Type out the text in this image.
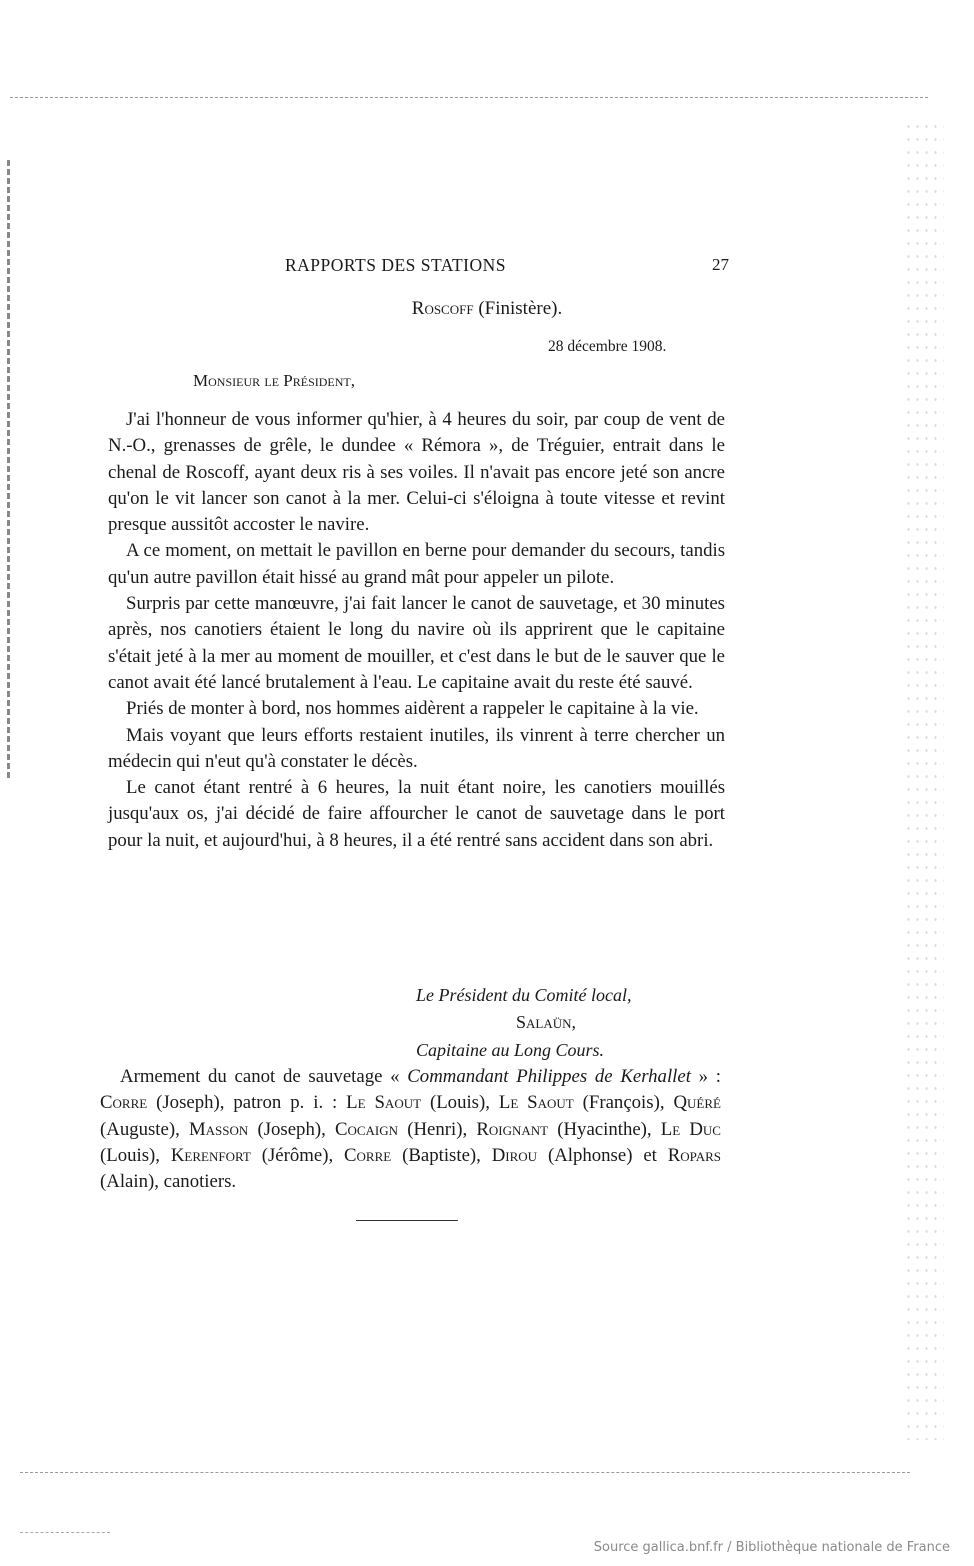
RAPPORTS DES STATIONS	27
Roscoff (Finistère).
28 décembre 1908.
Monsieur le Président,

J'ai l'honneur de vous informer qu'hier, à 4 heures du soir, par coup de vent de N.-O., grenasses de grêle, le dundee « Rémora », de Tréguier, entrait dans le chenal de Roscoff, ayant deux ris à ses voiles. Il n'avait pas encore jeté son ancre qu'on le vit lancer son canot à la mer. Celui-ci s'éloigna à toute vitesse et revint presque aussitôt accoster le navire.

A ce moment, on mettait le pavillon en berne pour demander du secours, tandis qu'un autre pavillon était hissé au grand mât pour appeler un pilote.

Surpris par cette manœuvre, j'ai fait lancer le canot de sauvetage, et 30 minutes après, nos canotiers étaient le long du navire où ils apprirent que le capitaine s'était jeté à la mer au moment de mouiller, et c'est dans le but de le sauver que le canot avait été lancé brutalement à l'eau. Le capitaine avait du reste été sauvé.

Priés de monter à bord, nos hommes aidèrent a rappeler le capitaine à la vie.

Mais voyant que leurs efforts restaient inutiles, ils vinrent à terre chercher un médecin qui n'eut qu'à constater le décès.

Le canot étant rentré à 6 heures, la nuit étant noire, les canotiers mouillés jusqu'aux os, j'ai décidé de faire affourcher le canot de sauvetage dans le port pour la nuit, et aujourd'hui, à 8 heures, il a été rentré sans accident dans son abri.

Le Président du Comité local,
Salaün,
Capitaine au Long Cours.

Armement du canot de sauvetage « Commandant Philippes de Kerhallet » : Corre (Joseph), patron p. i. : Le Saout (Louis), Le Saout (François), Quéré (Auguste), Masson (Joseph), Cocaign (Henri), Roignant (Hyacinthe), Le Duc (Louis), Kerenfort (Jérôme), Corre (Baptiste), Dirou (Alphonse) et Ropars (Alain), canotiers.

Source gallica.bnf.fr / Bibliothèque nationale de France
